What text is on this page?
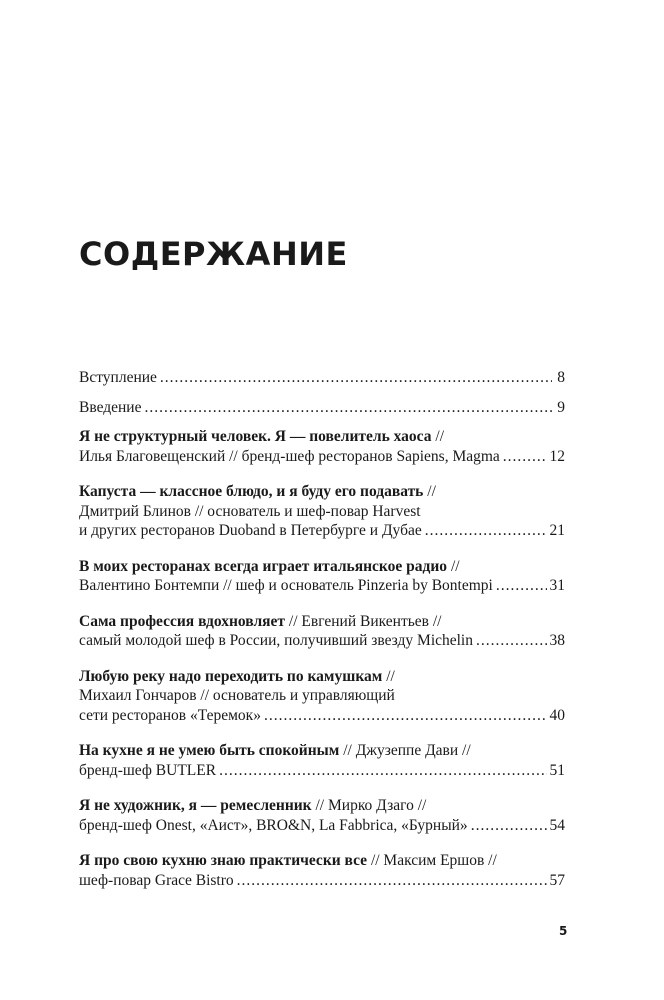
СОДЕРЖАНИЕ
Вступление .....	8
Введение .....	9
Я не структурный человек. Я — повелитель хаоса //
Илья Благовещенский // бренд-шеф ресторанов Sapiens, Magma .....	12
Капуста — классное блюдо, и я буду его подавать //
Дмитрий Блинов // основатель и шеф-повар Harvest
и других ресторанов Duoband в Петербурге и Дубае .....	21
В моих ресторанах всегда играет итальянское радио //
Валентино Бонтемпи // шеф и основатель Pinzeria by Bontempi .....	31
Сама профессия вдохновляет // Евгений Викентьев //
самый молодой шеф в России, получивший звезду Michelin .....	38
Любую реку надо переходить по камушкам //
Михаил Гончаров // основатель и управляющий
сети ресторанов «Теремок» .....	40
На кухне я не умею быть спокойным // Джузеппе Дави //
бренд-шеф BUTLER .....	51
Я не художник, я — ремесленник // Мирко Дзаго //
бренд-шеф Onest, «Аист», BRO&N, La Fabbrica, «Бурный» .....	54
Я про свою кухню знаю практически все // Максим Ершов //
шеф-повар Grace Bistro .....	57
5
